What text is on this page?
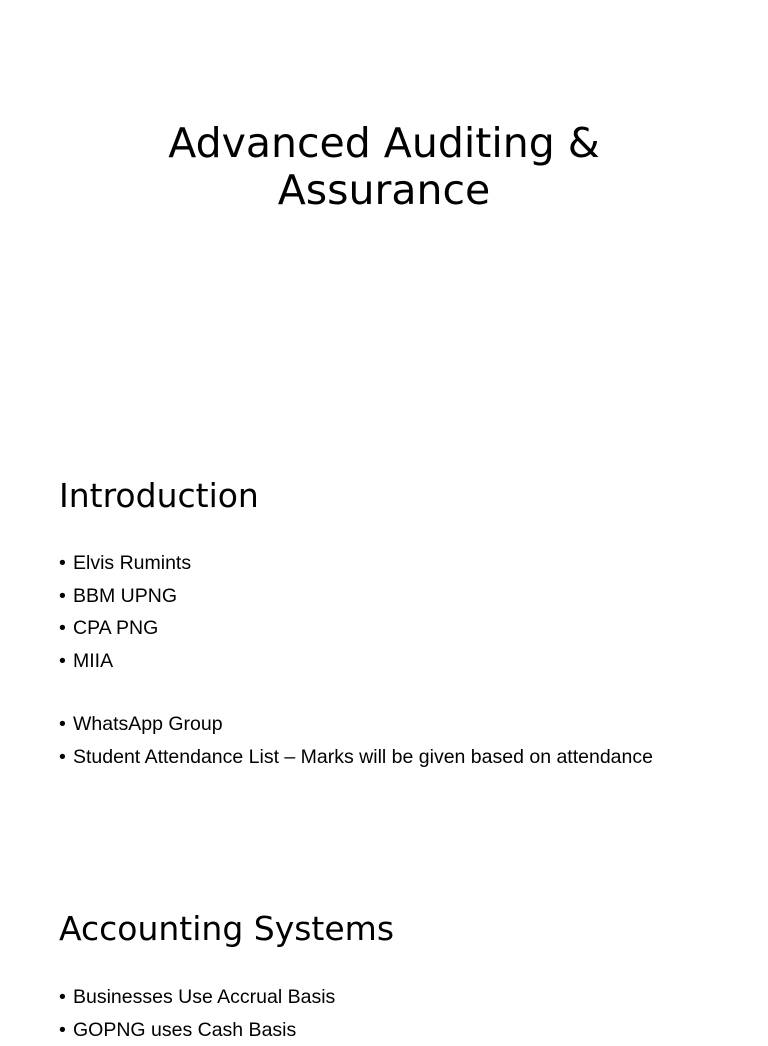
Advanced Auditing &
Assurance
Introduction
• Elvis Rumints
• BBM UPNG
• CPA PNG
• MIIA
• WhatsApp Group
• Student Attendance List – Marks will be given based on attendance
Accounting Systems
• Businesses Use Accrual Basis
• GOPNG uses Cash Basis
